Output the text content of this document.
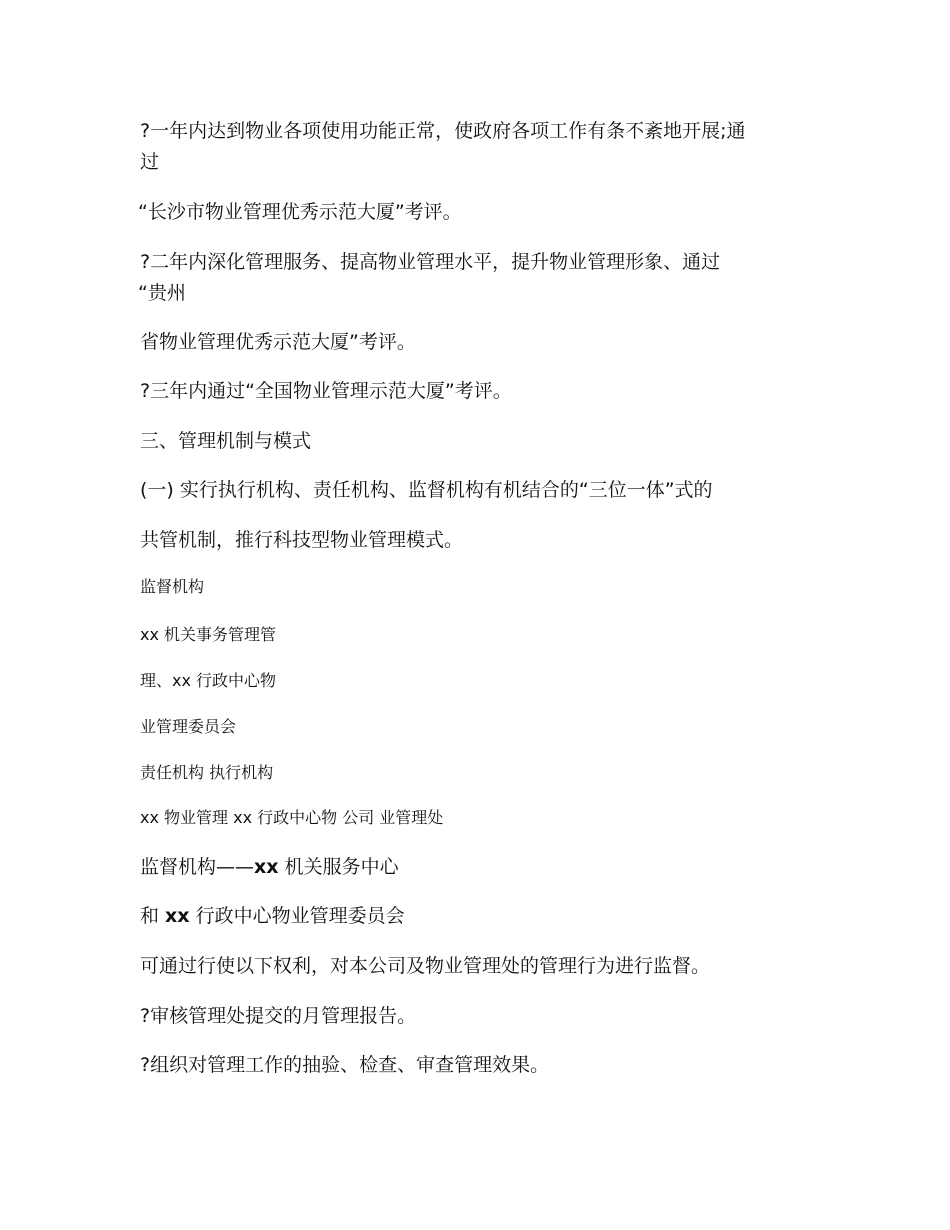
?一年内达到物业各项使用功能正常，使政府各项工作有条不紊地开展;通
过
“长沙市物业管理优秀示范大厦”考评。
?二年内深化管理服务、提高物业管理水平，提升物业管理形象、通过
“贵州
省物业管理优秀示范大厦”考评。
?三年内通过“全国物业管理示范大厦”考评。
三、管理机制与模式
(一) 实行执行机构、责任机构、监督机构有机结合的“三位一体”式的
共管机制，推行科技型物业管理模式。
监督机构
xx 机关事务管理管
理、xx 行政中心物
业管理委员会
责任机构 执行机构
xx 物业管理 xx 行政中心物 公司 业管理处
监督机构——xx 机关服务中心
和 xx 行政中心物业管理委员会
可通过行使以下权利，对本公司及物业管理处的管理行为进行监督。
?审核管理处提交的月管理报告。
?组织对管理工作的抽验、检查、审查管理效果。
